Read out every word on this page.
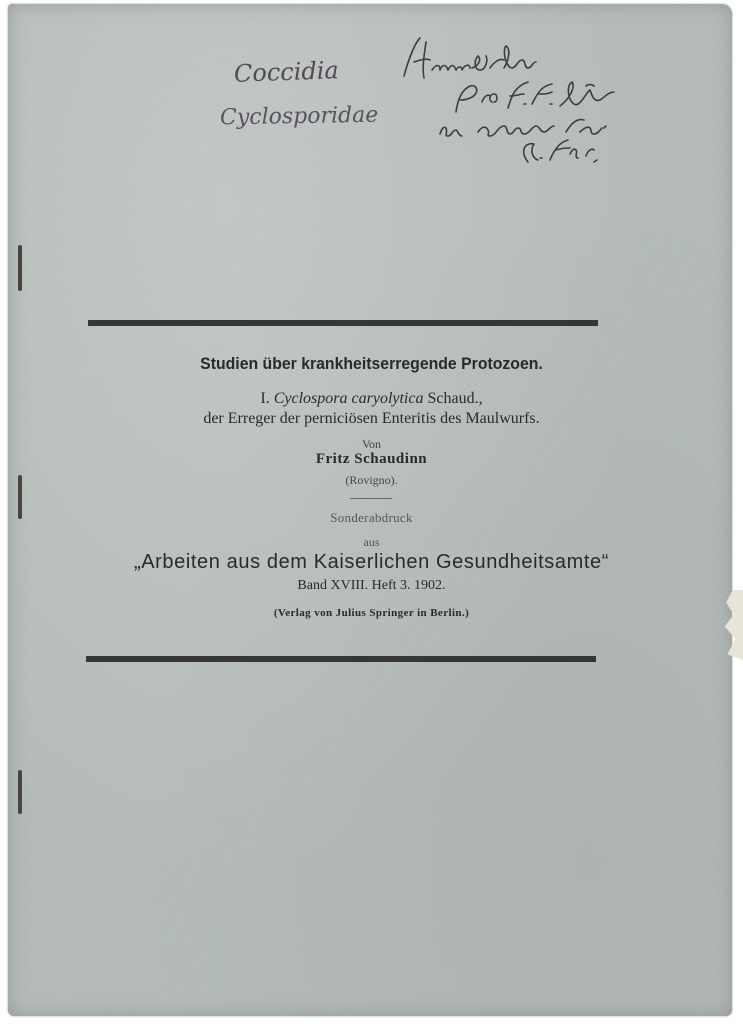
Coccidia
Cyclosporidae
Studien über krankheitserregende Protozoen.
I. Cyclospora caryolytica Schaud.,
der Erreger der perniciösen Enteritis des Maulwurfs.
Von
Fritz Schaudinn
(Rovigno).
Sonderabdruck
aus
„Arbeiten aus dem Kaiserlichen Gesundheitsamte“
Band XVIII. Heft 3. 1902.
(Verlag von Julius Springer in Berlin.)
